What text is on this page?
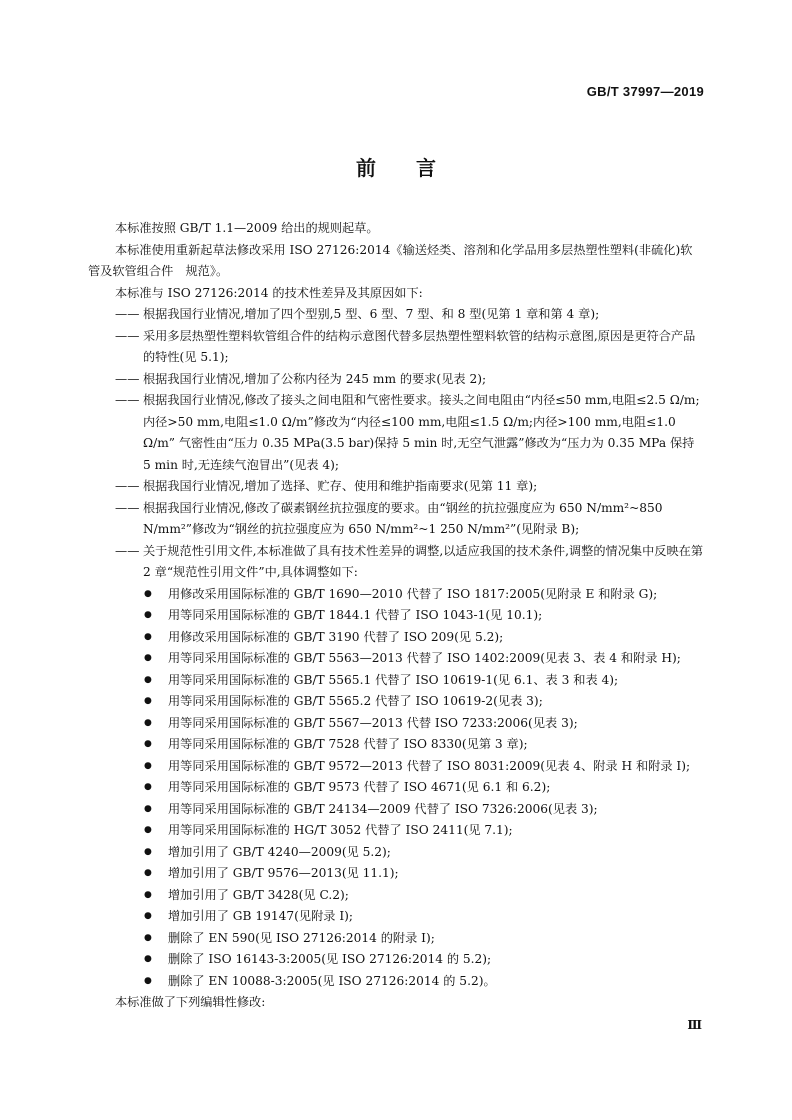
GB/T 37997—2019
前言

本标准按照 GB/T 1.1—2009 给出的规则起草。

本标准使用重新起草法修改采用 ISO 27126:2014《输送烃类、溶剂和化学品用多层热塑性塑料(非硫化)软管及软管组合件　规范》。

本标准与 ISO 27126:2014 的技术性差异及其原因如下:

—— 根据我国行业情况,增加了四个型别,5 型、6 型、7 型、和 8 型(见第 1 章和第 4 章);
—— 采用多层热塑性塑料软管组合件的结构示意图代替多层热塑性塑料软管的结构示意图,原因是更符合产品的特性(见 5.1);
—— 根据我国行业情况,增加了公称内径为 245 mm 的要求(见表 2);
—— 根据我国行业情况,修改了接头之间电阻和气密性要求。接头之间电阻由“内径≤50 mm,电阻≤2.5 Ω/m;内径>50 mm,电阻≤1.0 Ω/m”修改为“内径≤100 mm,电阻≤1.5 Ω/m;内径>100 mm,电阻≤1.0 Ω/m” 气密性由“压力 0.35 MPa(3.5 bar)保持 5 min 时,无空气泄露”修改为“压力为 0.35 MPa 保持 5 min 时,无连续气泡冒出”(见表 4);
—— 根据我国行业情况,增加了选择、贮存、使用和维护指南要求(见第 11 章);
—— 根据我国行业情况,修改了碳素钢丝抗拉强度的要求。由“钢丝的抗拉强度应为 650 N/mm²~850 N/mm²”修改为“钢丝的抗拉强度应为 650 N/mm²~1 250 N/mm²”(见附录 B);
—— 关于规范性引用文件,本标准做了具有技术性差异的调整,以适应我国的技术条件,调整的情况集中反映在第 2 章“规范性引用文件”中,具体调整如下:
●	用修改采用国际标准的 GB/T 1690—2010 代替了 ISO 1817:2005(见附录 E 和附录 G);
●	用等同采用国际标准的 GB/T 1844.1 代替了 ISO 1043-1(见 10.1);
●	用修改采用国际标准的 GB/T 3190 代替了 ISO 209(见 5.2);
●	用等同采用国际标准的 GB/T 5563—2013 代替了 ISO 1402:2009(见表 3、表 4 和附录 H);
●	用等同采用国际标准的 GB/T 5565.1 代替了 ISO 10619-1(见 6.1、表 3 和表 4);
●	用等同采用国际标准的 GB/T 5565.2 代替了 ISO 10619-2(见表 3);
●	用等同采用国际标准的 GB/T 5567—2013 代替 ISO 7233:2006(见表 3);
●	用等同采用国际标准的 GB/T 7528 代替了 ISO 8330(见第 3 章);
●	用等同采用国际标准的 GB/T 9572—2013 代替了 ISO 8031:2009(见表 4、附录 H 和附录 I);
●	用等同采用国际标准的 GB/T 9573 代替了 ISO 4671(见 6.1 和 6.2);
●	用等同采用国际标准的 GB/T 24134—2009 代替了 ISO 7326:2006(见表 3);
●	用等同采用国际标准的 HG/T 3052 代替了 ISO 2411(见 7.1);
●	增加引用了 GB/T 4240—2009(见 5.2);
●	增加引用了 GB/T 9576—2013(见 11.1);
●	增加引用了 GB/T 3428(见 C.2);
●	增加引用了 GB 19147(见附录 I);
●	删除了 EN 590(见 ISO 27126:2014 的附录 I);
●	删除了 ISO 16143-3:2005(见 ISO 27126:2014 的 5.2);
●	删除了 EN 10088-3:2005(见 ISO 27126:2014 的 5.2)。

本标准做了下列编辑性修改:

Ⅲ
